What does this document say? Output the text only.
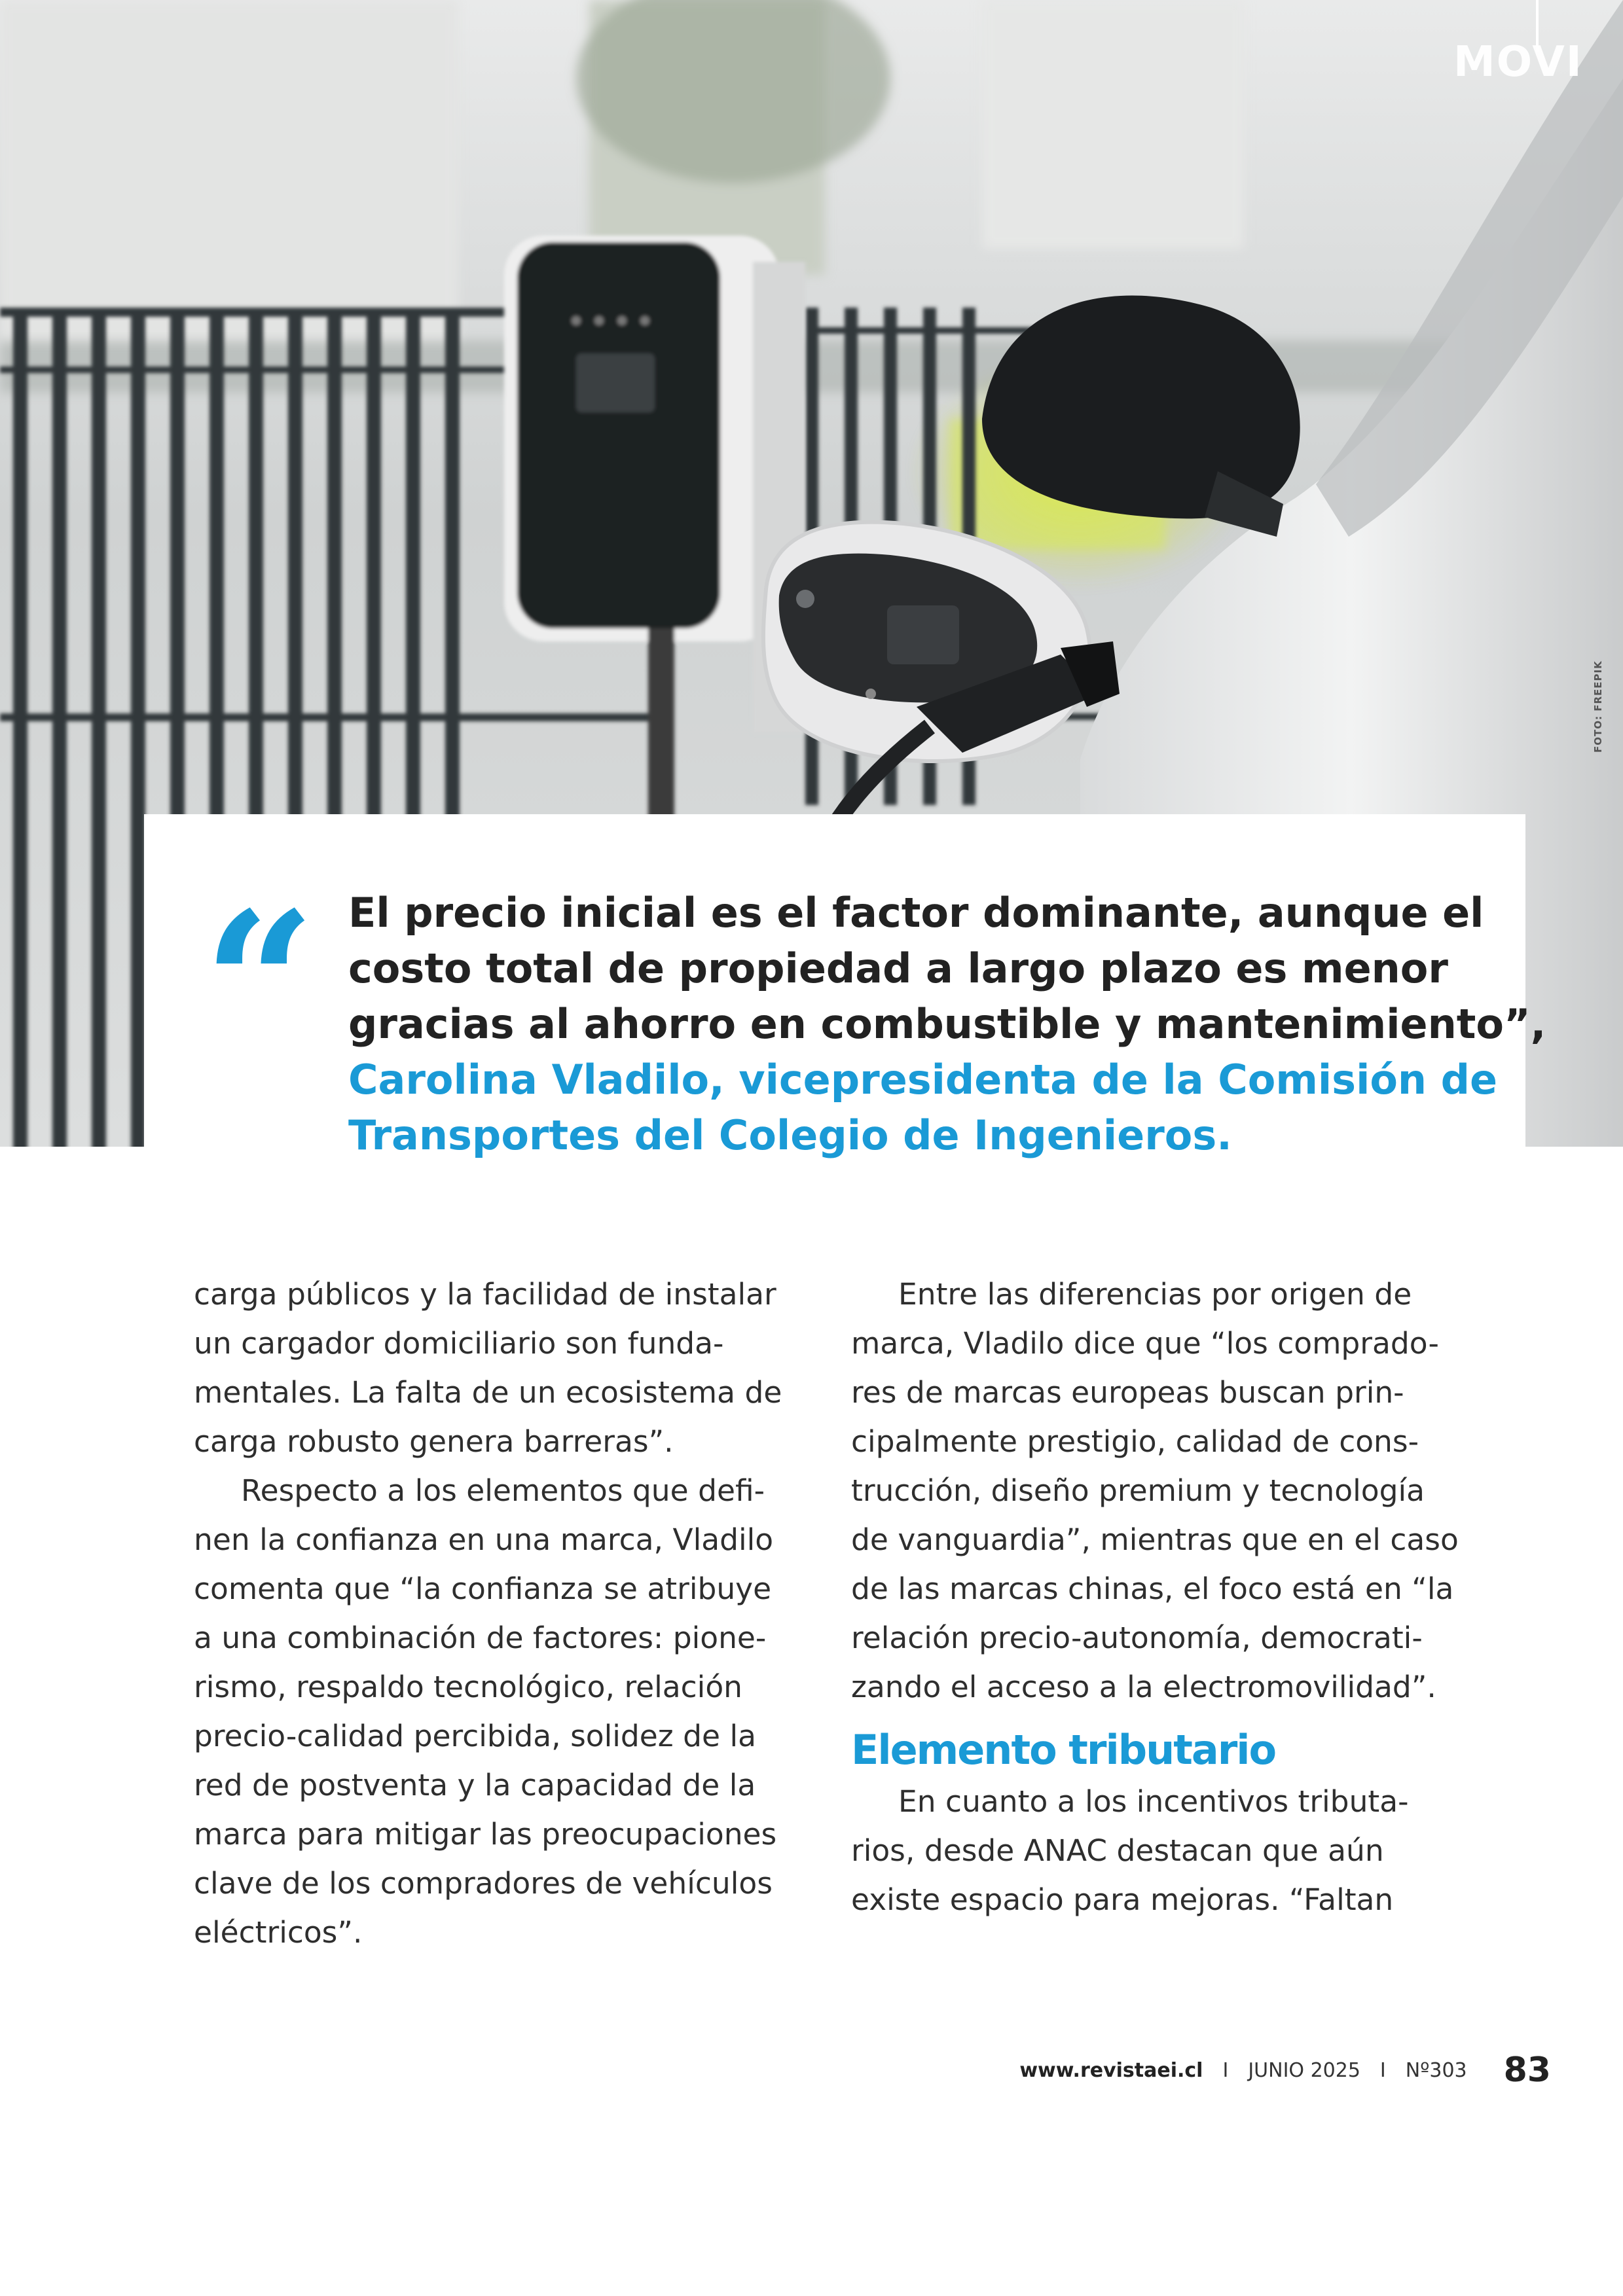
MOVI
FOTO: FREEPIK
“ El precio inicial es el factor dominante, aunque el
costo total de propiedad a largo plazo es menor
gracias al ahorro en combustible y mantenimiento”,
Carolina Vladilo, vicepresidenta de la Comisión de
Transportes del Colegio de Ingenieros.
carga públicos y la facilidad de instalar
un cargador domiciliario son funda-
mentales. La falta de un ecosistema de
carga robusto genera barreras”.
Respecto a los elementos que defi-
nen la confianza en una marca, Vladilo
comenta que “la confianza se atribuye
a una combinación de factores: pione-
rismo, respaldo tecnológico, relación
precio-calidad percibida, solidez de la
red de postventa y la capacidad de la
marca para mitigar las preocupaciones
clave de los compradores de vehículos
eléctricos”.
Entre las diferencias por origen de
marca, Vladilo dice que “los comprado-
res de marcas europeas buscan prin-
cipalmente prestigio, calidad de cons-
trucción, diseño premium y tecnología
de vanguardia”, mientras que en el caso
de las marcas chinas, el foco está en “la
relación precio-autonomía, democrati-
zando el acceso a la electromovilidad”.
Elemento tributario
En cuanto a los incentivos tributa-
rios, desde ANAC destacan que aún
existe espacio para mejoras. “Faltan
www.revistaei.cl I JUNIO 2025 I Nº303 83
